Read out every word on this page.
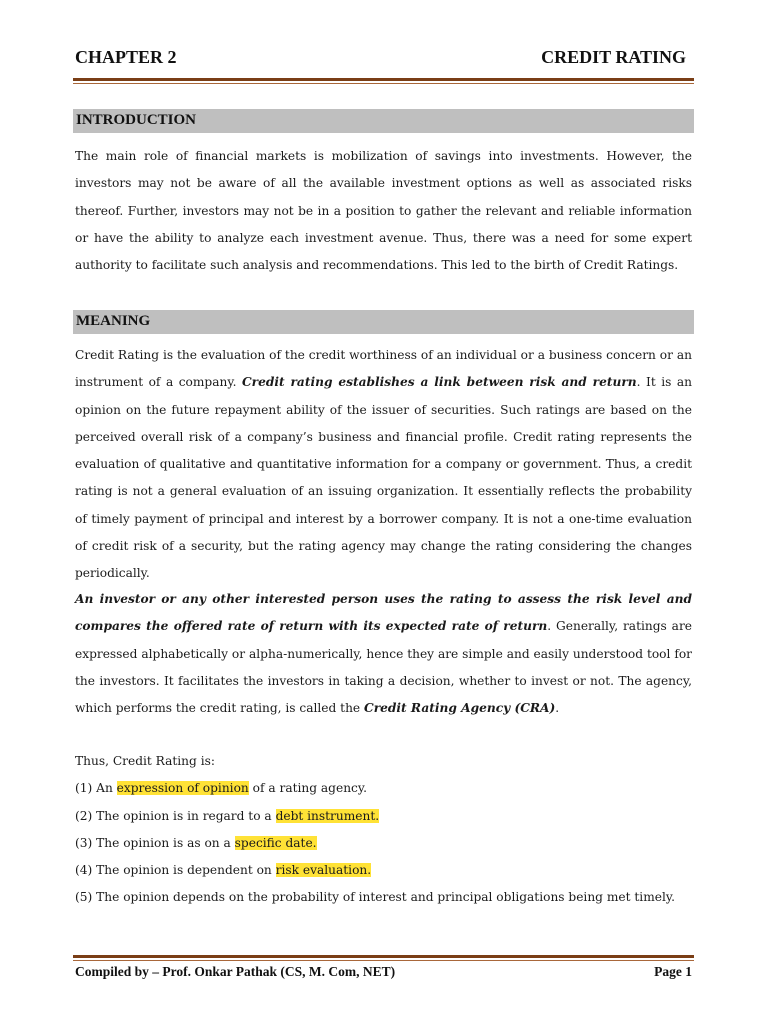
CHAPTER 2	CREDIT RATING
INTRODUCTION

The main role of financial markets is mobilization of savings into investments. However, the investors may not be aware of all the available investment options as well as associated risks thereof. Further, investors may not be in a position to gather the relevant and reliable information or have the ability to analyze each investment avenue. Thus, there was a need for some expert authority to facilitate such analysis and recommendations. This led to the birth of Credit Ratings.

MEANING

Credit Rating is the evaluation of the credit worthiness of an individual or a business concern or an instrument of a company. Credit rating establishes a link between risk and return. It is an opinion on the future repayment ability of the issuer of securities. Such ratings are based on the perceived overall risk of a company’s business and financial profile. Credit rating represents the evaluation of qualitative and quantitative information for a company or government. Thus, a credit rating is not a general evaluation of an issuing organization. It essentially reflects the probability of timely payment of principal and interest by a borrower company. It is not a one-time evaluation of credit risk of a security, but the rating agency may change the rating considering the changes periodically.

An investor or any other interested person uses the rating to assess the risk level and compares the offered rate of return with its expected rate of return. Generally, ratings are expressed alphabetically or alpha-numerically, hence they are simple and easily understood tool for the investors. It facilitates the investors in taking a decision, whether to invest or not. The agency, which performs the credit rating, is called the Credit Rating Agency (CRA).

Thus, Credit Rating is:
(1) An expression of opinion of a rating agency.
(2) The opinion is in regard to a debt instrument.
(3) The opinion is as on a specific date.
(4) The opinion is dependent on risk evaluation.
(5) The opinion depends on the probability of interest and principal obligations being met timely.
Compiled by – Prof. Onkar Pathak (CS, M. Com, NET)	Page 1
